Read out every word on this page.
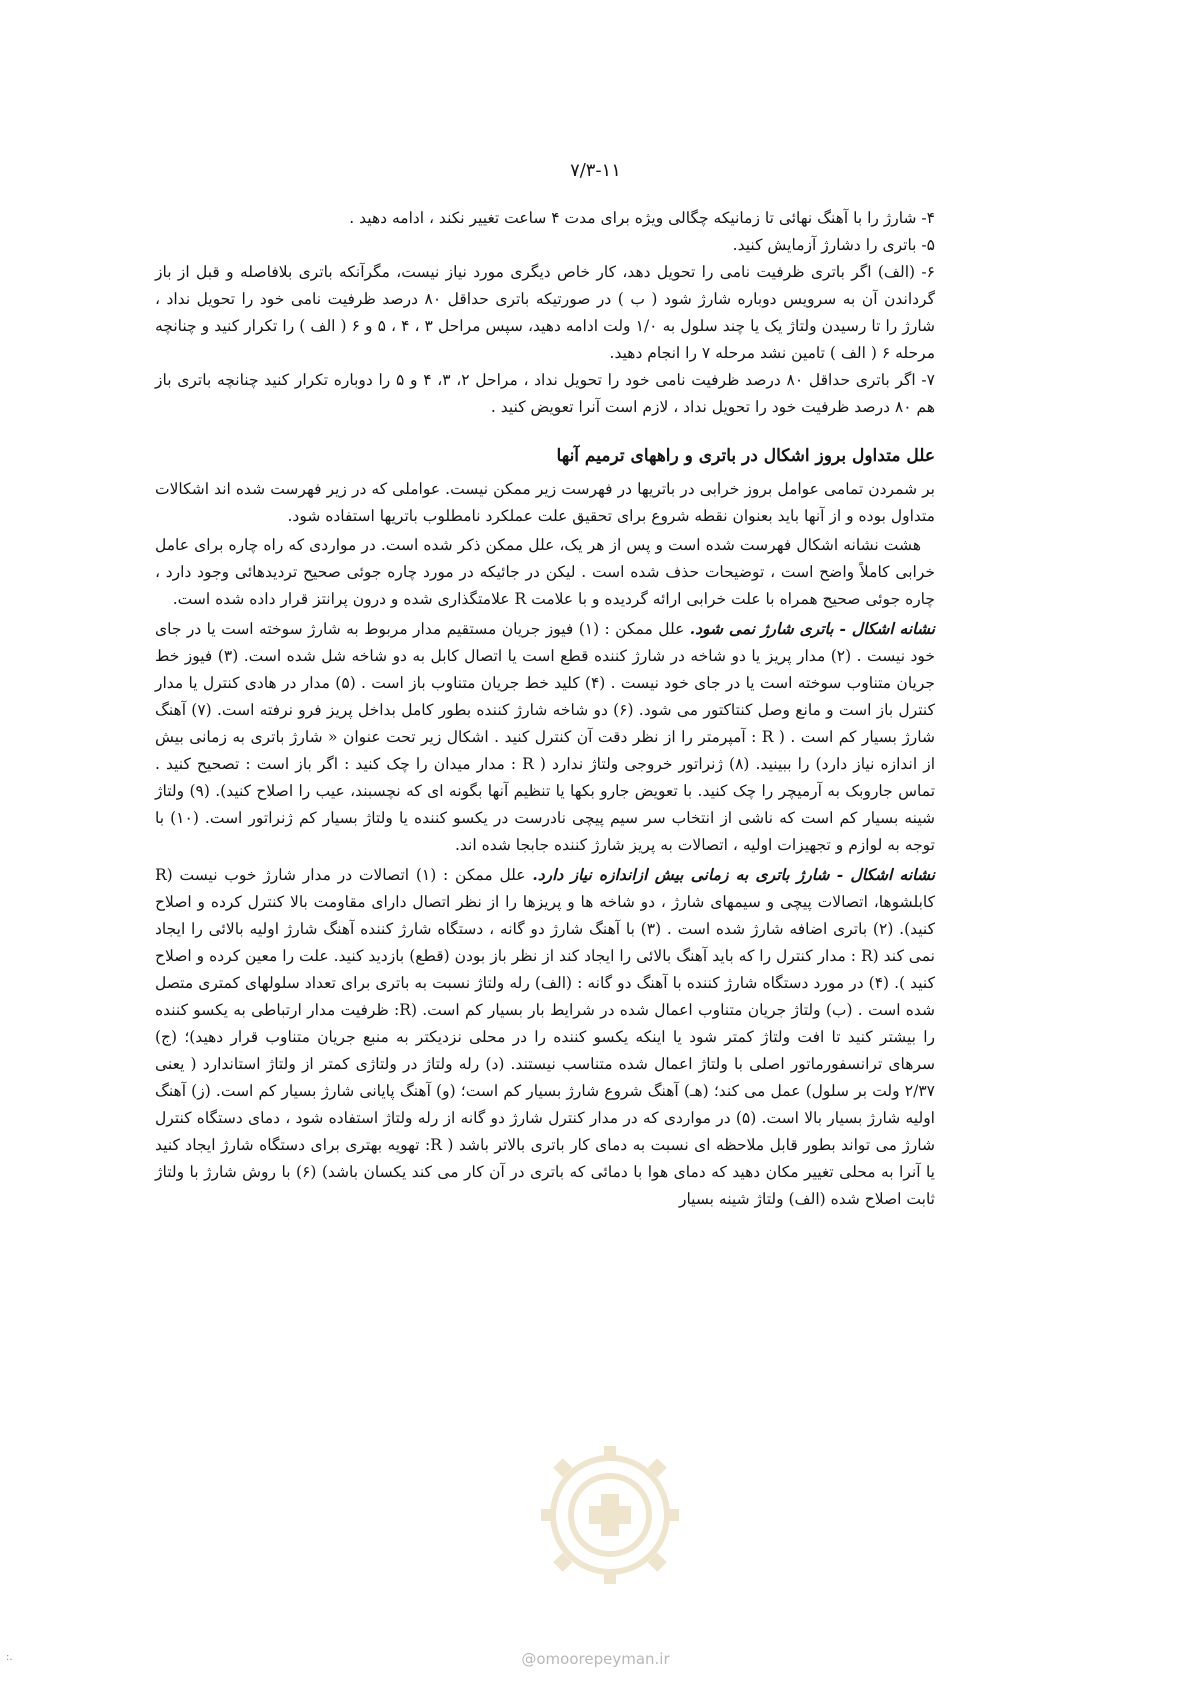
۷/۳-۱۱
۴- شارژ را با آهنگ نهائی تا زمانیکه چگالی ویژه برای مدت ۴ ساعت تغییر نکند ، ادامه دهید .
۵- باتری را دشارژ آزمایش کنید.
۶- (الف) اگر باتری ظرفیت نامی را تحویل دهد، کار خاص دیگری مورد نیاز نیست، مگرآنکه باتری بلافاصله و قبل از باز گرداندن آن به سرویس دوباره شارژ شود ( ب ) در صورتیکه باتری حداقل ۸۰ درصد ظرفیت نامی خود را تحویل نداد ، شارژ را تا رسیدن ولتاژ یک یا چند سلول به ۱/۰ ولت ادامه دهید، سپس مراحل ۳ ، ۴ ، ۵ و ۶ ( الف ) را تکرار کنید و چنانچه مرحله ۶ ( الف ) تامین نشد مرحله ۷ را انجام دهید.
۷- اگر باتری حداقل ۸۰ درصد ظرفیت نامی خود را تحویل نداد ، مراحل ۲، ۳، ۴ و ۵ را دوباره تکرار کنید چنانچه باتری باز هم ۸۰ درصد ظرفیت خود را تحویل نداد ، لازم است آنرا تعویض کنید .
علل متداول بروز اشکال در باتری و راههای ترمیم آنها

بر شمردن تمامی عوامل بروز خرابی در باتریها در فهرست زیر ممکن نیست. عواملی که در زیر فهرست شده اند اشکالات متداول بوده و از آنها باید بعنوان نقطه شروع برای تحقیق علت عملکرد نامطلوب باتریها استفاده شود.

هشت نشانه اشکال فهرست شده است و پس از هر یک، علل ممکن ذکر شده است. در مواردی که راه چاره برای عامل خرابی کاملاً واضح است ، توضیحات حذف شده است . لیکن در جائیکه در مورد چاره جوئی صحیح تردیدهائی وجود دارد ، چاره جوئی صحیح همراه با علت خرابی ارائه گردیده و با علامت R علامتگذاری شده و درون پرانتز قرار داده شده است.

نشانه اشکال - باتری شارژ نمی شود. علل ممکن : (۱) فیوز جریان مستقیم مدار مربوط به شارژ سوخته است یا در جای خود نیست . (۲) مدار پریز یا دو شاخه در شارژ کننده قطع است یا اتصال کابل به دو شاخه شل شده است. (۳) فیوز خط جریان متناوب سوخته است یا در جای خود نیست . (۴) کلید خط جریان متناوب باز است . (۵) مدار در هادی کنترل یا مدار کنترل باز است و مانع وصل کنتاکتور می شود. (۶) دو شاخه شارژ کننده بطور کامل بداخل پریز فرو نرفته است. (۷) آهنگ شارژ بسیار کم است . ( R : آمپرمتر را از نظر دقت آن کنترل کنید . اشکال زیر تحت عنوان « شارژ باتری به زمانی بیش از اندازه نیاز دارد) را ببینید. (۸) ژنراتور خروجی ولتاژ ندارد ( R : مدار میدان را چک کنید : اگر باز است : تصحیح کنید . تماس جاروبک به آرمیچر را چک کنید. با تعویض جارو بکها یا تنظیم آنها بگونه ای که نچسبند، عیب را اصلاح کنید). (۹) ولتاژ شینه بسیار کم است که ناشی از انتخاب سر سیم پیچی نادرست در یکسو کننده یا ولتاژ بسیار کم ژنراتور است. (۱۰) با توجه به لوازم و تجهیزات اولیه ، اتصالات به پریز شارژ کننده جابجا شده اند.

نشانه اشکال - شارژ باتری به زمانی بیش ازاندازه نیاز دارد. علل ممکن : (۱) اتصالات در مدار شارژ خوب نیست (R کابلشوها، اتصالات پیچی و سیمهای شارژ ، دو شاخه ها و پریزها را از نظر اتصال دارای مقاومت بالا کنترل کرده و اصلاح کنید). (۲) باتری اضافه شارژ شده است . (۳) با آهنگ شارژ دو گانه ، دستگاه شارژ کننده آهنگ شارژ اولیه بالائی را ایجاد نمی کند (R : مدار کنترل را که باید آهنگ بالائی را ایجاد کند از نظر باز بودن (قطع) بازدید کنید. علت را معین کرده و اصلاح کنید ). (۴) در مورد دستگاه شارژ کننده با آهنگ دو گانه : (الف) رله ولتاژ نسبت به باتری برای تعداد سلولهای کمتری متصل شده است . (ب) ولتاژ جریان متناوب اعمال شده در شرایط بار بسیار کم است. (R: ظرفیت مدار ارتباطی به یکسو کننده را بیشتر کنید تا افت ولتاژ کمتر شود یا اینکه یکسو کننده را در محلی نزدیکتر به منبع جریان متناوب قرار دهید)؛ (ج) سرهای ترانسفورماتور اصلی با ولتاژ اعمال شده متناسب نیستند. (د) رله ولتاژ در ولتاژی کمتر از ولتاژ استاندارد ( یعنی ۲/۳۷ ولت بر سلول) عمل می کند؛ (هـ) آهنگ شروع شارژ بسیار کم است؛ (و) آهنگ پایانی شارژ بسیار کم است. (ز) آهنگ اولیه شارژ بسیار بالا است. (۵) در مواردی که در مدار کنترل شارژ دو گانه از رله ولتاژ استفاده شود ، دمای دستگاه کنترل شارژ می تواند بطور قابل ملاحظه ای نسبت به دمای کار باتری بالاتر باشد ( R: تهویه بهتری برای دستگاه شارژ ایجاد کنید یا آنرا به محلی تغییر مکان دهید که دمای هوا با دمائی که باتری در آن کار می کند یکسان باشد) (۶) با روش شارژ با ولتاژ ثابت اصلاح شده (الف) ولتاژ شینه بسیار

@omoorepeyman.ir
:.
